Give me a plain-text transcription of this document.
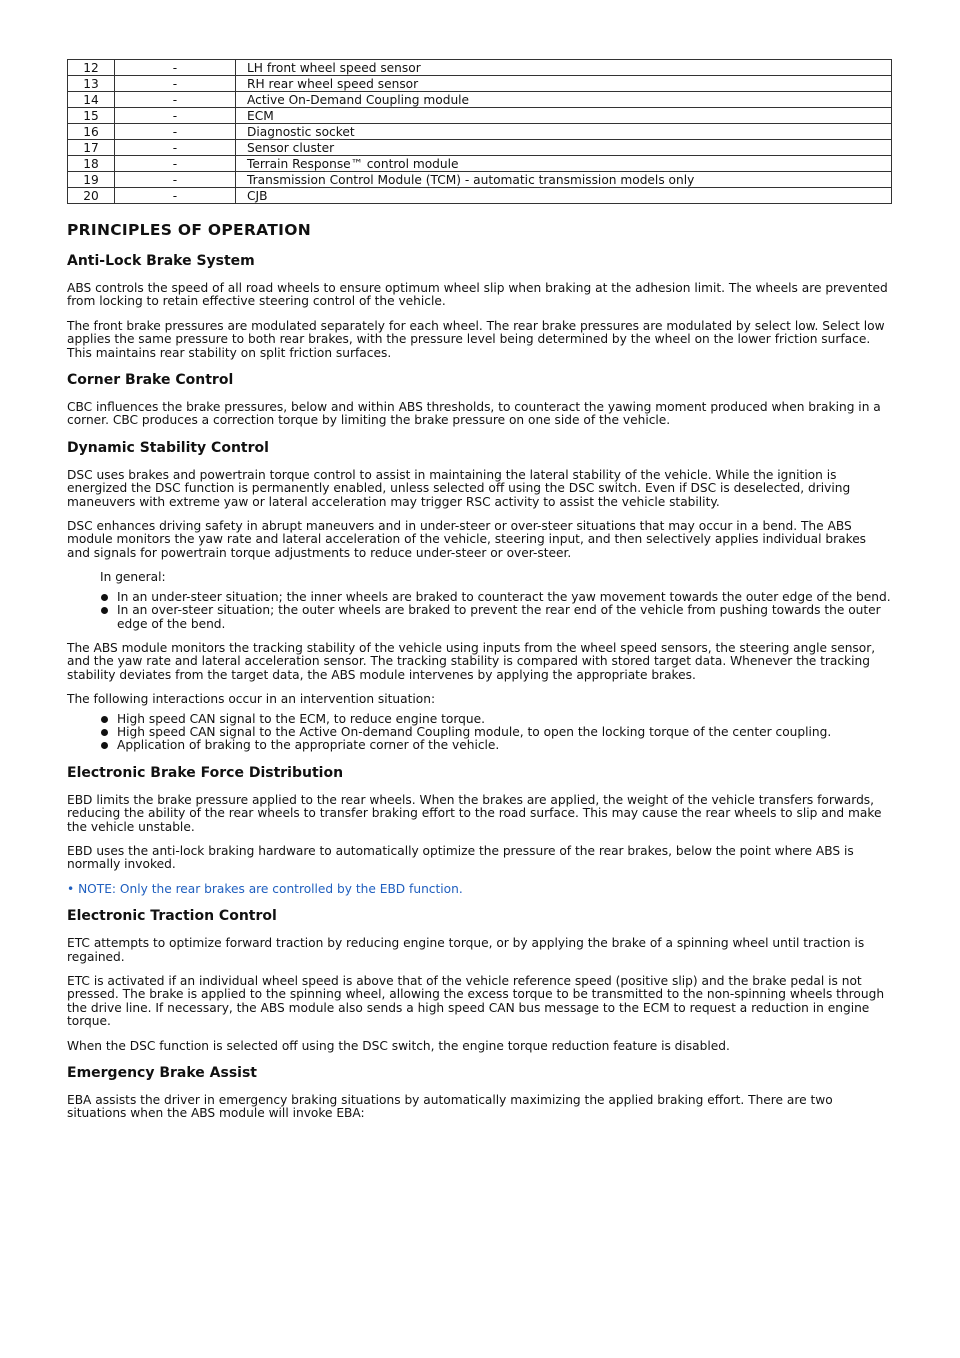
12	-	LH front wheel speed sensor
13	-	RH rear wheel speed sensor
14	-	Active On-Demand Coupling module
15	-	ECM
16	-	Diagnostic socket
17	-	Sensor cluster
18	-	Terrain Response™ control module
19	-	Transmission Control Module (TCM) - automatic transmission models only
20	-	CJB
PRINCIPLES OF OPERATION
Anti-Lock Brake System

ABS controls the speed of all road wheels to ensure optimum wheel slip when braking at the adhesion limit. The wheels are prevented from locking to retain effective steering control of the vehicle.

The front brake pressures are modulated separately for each wheel. The rear brake pressures are modulated by select low. Select low applies the same pressure to both rear brakes, with the pressure level being determined by the wheel on the lower friction surface. This maintains rear stability on split friction surfaces.

Corner Brake Control

CBC influences the brake pressures, below and within ABS thresholds, to counteract the yawing moment produced when braking in a corner. CBC produces a correction torque by limiting the brake pressure on one side of the vehicle.

Dynamic Stability Control

DSC uses brakes and powertrain torque control to assist in maintaining the lateral stability of the vehicle. While the ignition is energized the DSC function is permanently enabled, unless selected off using the DSC switch. Even if DSC is deselected, driving maneuvers with extreme yaw or lateral acceleration may trigger RSC activity to assist the vehicle stability.

DSC enhances driving safety in abrupt maneuvers and in under-steer or over-steer situations that may occur in a bend. The ABS module monitors the yaw rate and lateral acceleration of the vehicle, steering input, and then selectively applies individual brakes and signals for powertrain torque adjustments to reduce under-steer or over-steer.

In general:

In an under-steer situation; the inner wheels are braked to counteract the yaw movement towards the outer edge of the bend.
In an over-steer situation; the outer wheels are braked to prevent the rear end of the vehicle from pushing towards the outer edge of the bend.

The ABS module monitors the tracking stability of the vehicle using inputs from the wheel speed sensors, the steering angle sensor, and the yaw rate and lateral acceleration sensor. The tracking stability is compared with stored target data. Whenever the tracking stability deviates from the target data, the ABS module intervenes by applying the appropriate brakes.

The following interactions occur in an intervention situation:

High speed CAN signal to the ECM, to reduce engine torque.
High speed CAN signal to the Active On-demand Coupling module, to open the locking torque of the center coupling.
Application of braking to the appropriate corner of the vehicle.
Electronic Brake Force Distribution

EBD limits the brake pressure applied to the rear wheels. When the brakes are applied, the weight of the vehicle transfers forwards, reducing the ability of the rear wheels to transfer braking effort to the road surface. This may cause the rear wheels to slip and make the vehicle unstable.

EBD uses the anti-lock braking hardware to automatically optimize the pressure of the rear brakes, below the point where ABS is normally invoked.

• NOTE: Only the rear brakes are controlled by the EBD function.

Electronic Traction Control

ETC attempts to optimize forward traction by reducing engine torque, or by applying the brake of a spinning wheel until traction is regained.

ETC is activated if an individual wheel speed is above that of the vehicle reference speed (positive slip) and the brake pedal is not pressed. The brake is applied to the spinning wheel, allowing the excess torque to be transmitted to the non-spinning wheels through the drive line. If necessary, the ABS module also sends a high speed CAN bus message to the ECM to request a reduction in engine torque.

When the DSC function is selected off using the DSC switch, the engine torque reduction feature is disabled.

Emergency Brake Assist

EBA assists the driver in emergency braking situations by automatically maximizing the applied braking effort. There are two situations when the ABS module will invoke EBA:
